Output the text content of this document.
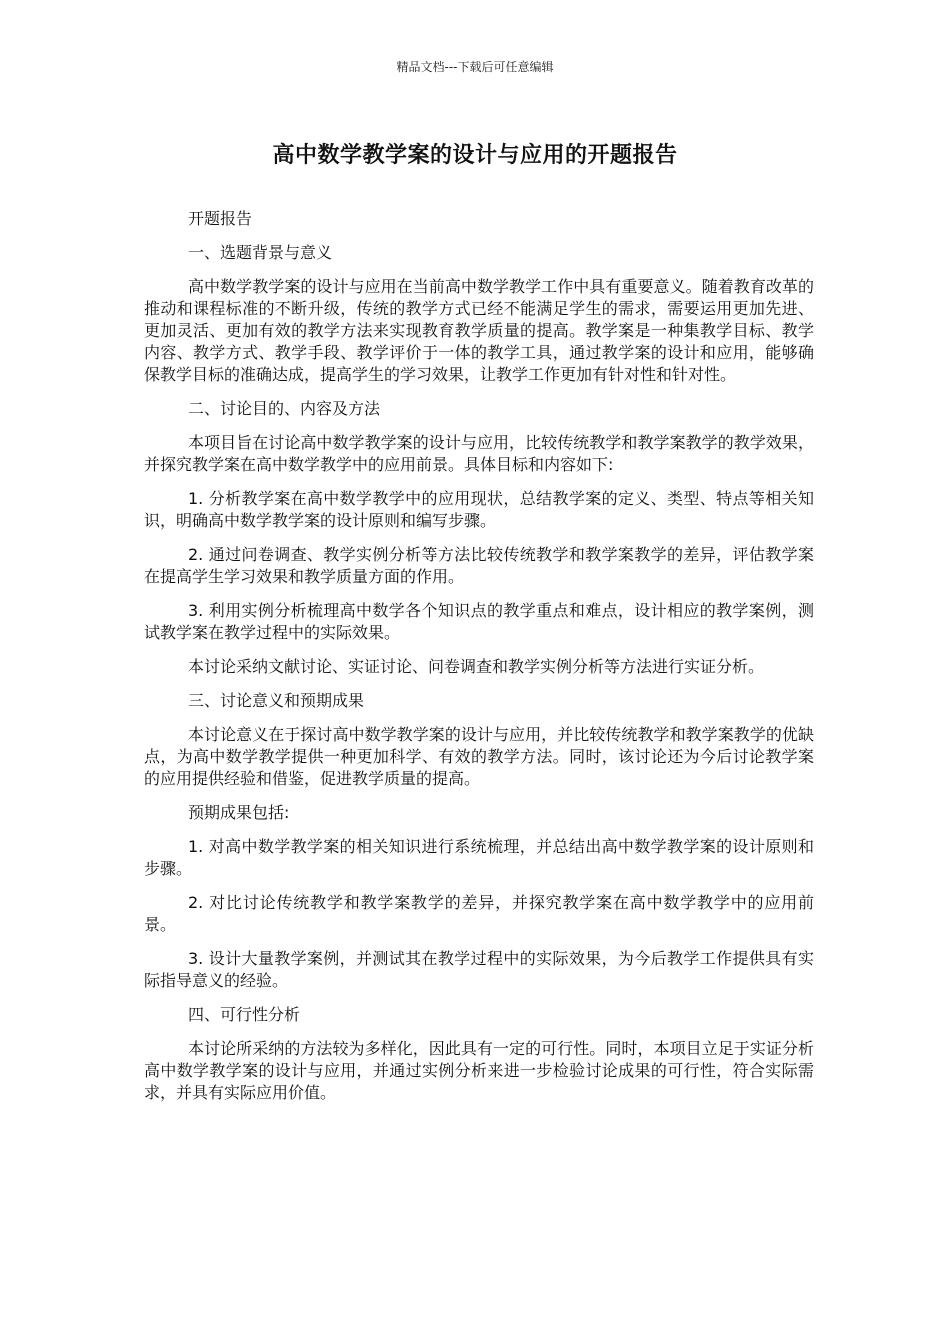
精品文档---下载后可任意编辑
高中数学教学案的设计与应用的开题报告

开题报告

一、选题背景与意义

高中数学教学案的设计与应用在当前高中数学教学工作中具有重要意义。随着教育改革的推动和课程标准的不断升级，传统的教学方式已经不能满足学生的需求，需要运用更加先进、更加灵活、更加有效的教学方法来实现教育教学质量的提高。教学案是一种集教学目标、教学内容、教学方式、教学手段、教学评价于一体的教学工具，通过教学案的设计和应用，能够确保教学目标的准确达成，提高学生的学习效果，让教学工作更加有针对性和针对性。

二、讨论目的、内容及方法

本项目旨在讨论高中数学教学案的设计与应用，比较传统教学和教学案教学的教学效果，并探究教学案在高中数学教学中的应用前景。具体目标和内容如下:

1. 分析教学案在高中数学教学中的应用现状，总结教学案的定义、类型、特点等相关知识，明确高中数学教学案的设计原则和编写步骤。

2. 通过问卷调查、教学实例分析等方法比较传统教学和教学案教学的差异，评估教学案在提高学生学习效果和教学质量方面的作用。

3. 利用实例分析梳理高中数学各个知识点的教学重点和难点，设计相应的教学案例，测试教学案在教学过程中的实际效果。

本讨论采纳文献讨论、实证讨论、问卷调查和教学实例分析等方法进行实证分析。

三、讨论意义和预期成果

本讨论意义在于探讨高中数学教学案的设计与应用，并比较传统教学和教学案教学的优缺点，为高中数学教学提供一种更加科学、有效的教学方法。同时，该讨论还为今后讨论教学案的应用提供经验和借鉴，促进教学质量的提高。

预期成果包括:

1. 对高中数学教学案的相关知识进行系统梳理，并总结出高中数学教学案的设计原则和步骤。

2. 对比讨论传统教学和教学案教学的差异，并探究教学案在高中数学教学中的应用前景。

3. 设计大量教学案例，并测试其在教学过程中的实际效果，为今后教学工作提供具有实际指导意义的经验。

四、可行性分析

本讨论所采纳的方法较为多样化，因此具有一定的可行性。同时，本项目立足于实证分析高中数学教学案的设计与应用，并通过实例分析来进一步检验讨论成果的可行性，符合实际需求，并具有实际应用价值。
